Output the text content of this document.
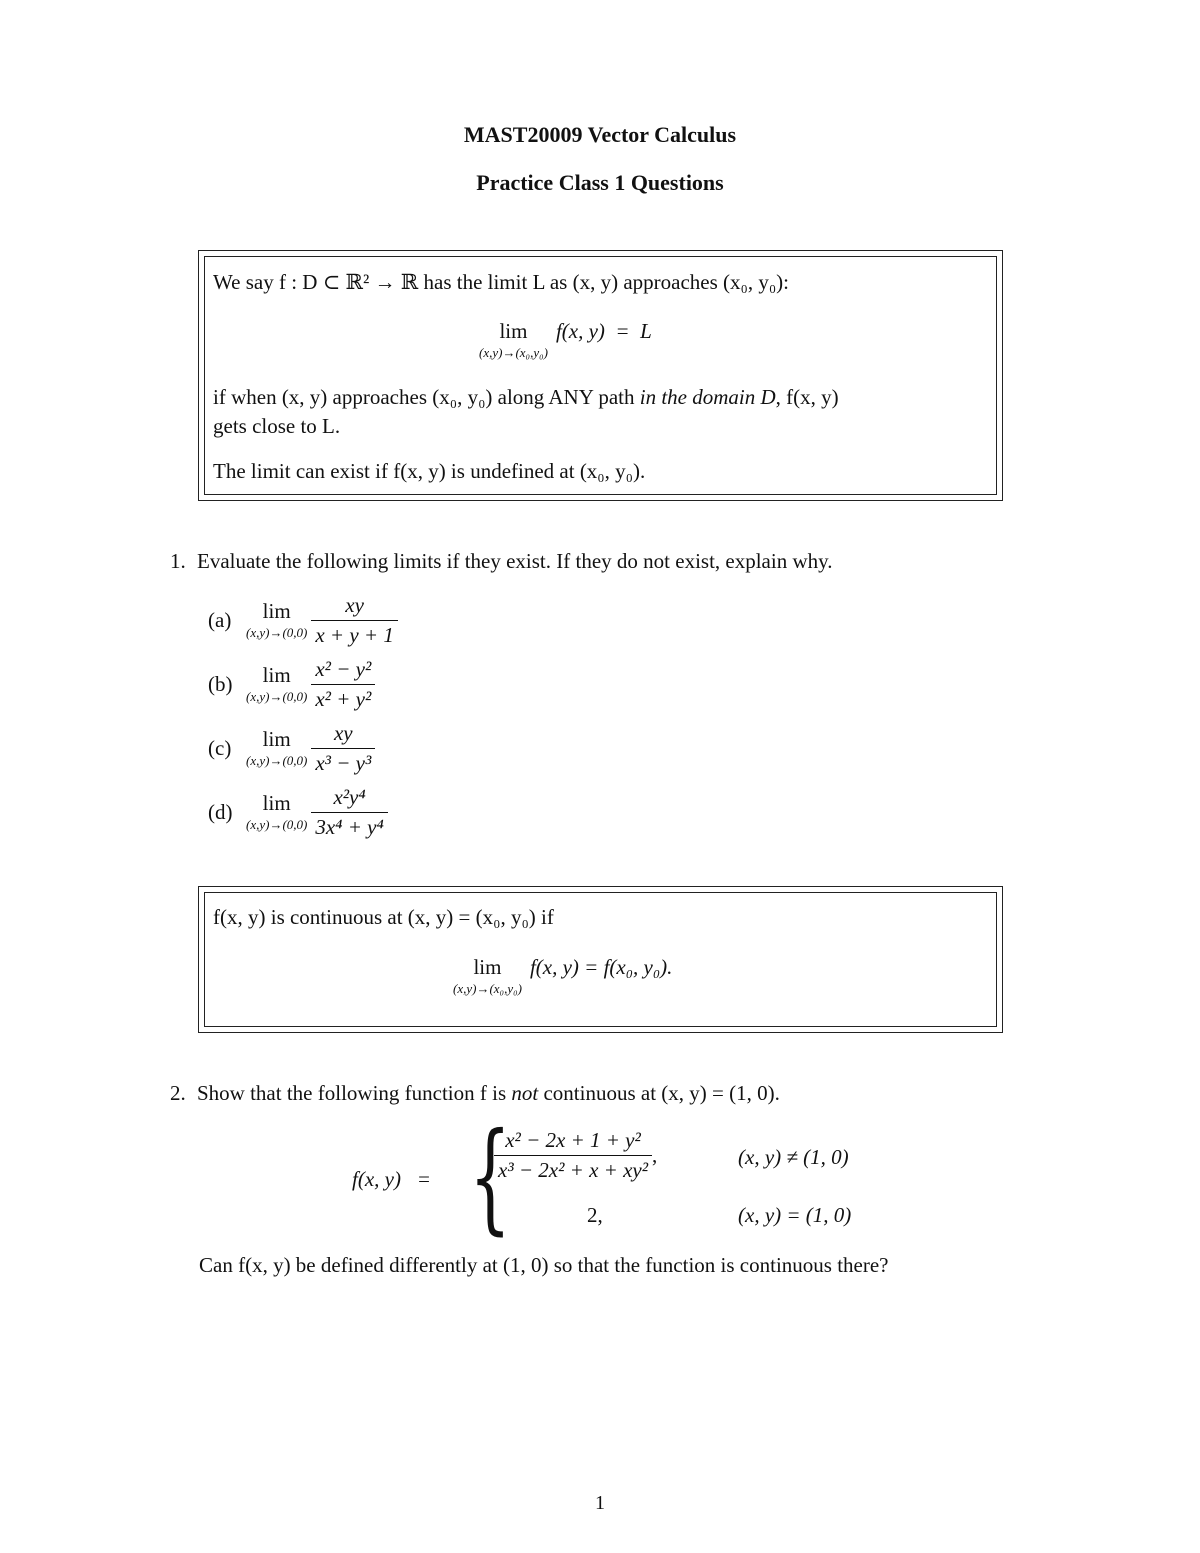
MAST20009 Vector Calculus
Practice Class 1 Questions
We say f : D ⊂ ℝ² → ℝ has the limit L as (x, y) approaches (x₀, y₀):
lim
(x,y)→(x₀,y₀)
f(x, y)  =  L
if when (x, y) approaches (x₀, y₀) along ANY path in the domain D, f(x, y)
gets close to L.
The limit can exist if f(x, y) is undefined at (x₀, y₀).
1. Evaluate the following limits if they exist. If they do not exist, explain why.
(a)	lim
$(x,y)\to(0,0) \frac{xy}{x + y + 1}$
(b)	lim
$(x,y)\to(0,0) \frac{\text{x² − y²}}{\text{x² + y²}}$
(c)	lim
$(x,y)\to(0,0) \frac{xy}{\text{x³ − y³}}$
(d)	lim
$(x,y)\to(0,0) \frac{\text{x²y⁴}}{\text{3x⁴ + y⁴}}$
f(x, y) is continuous at (x, y) = (x₀, y₀) if
lim
(x,y)→(x₀,y₀)
f(x, y) = f(x₀, y₀).
2. Show that the following function f is not continuous at (x, y) = (1, 0).
f(x, y)   = {
$\frac{\text{x² − 2x + 1 + y²}}{\text{x³ − 2x² + x + xy²}}$ ,	(x, y) ≠ (1, 0)
2,	(x, y) = (1, 0)
Can f(x, y) be defined differently at (1, 0) so that the function is continuous there?
1
